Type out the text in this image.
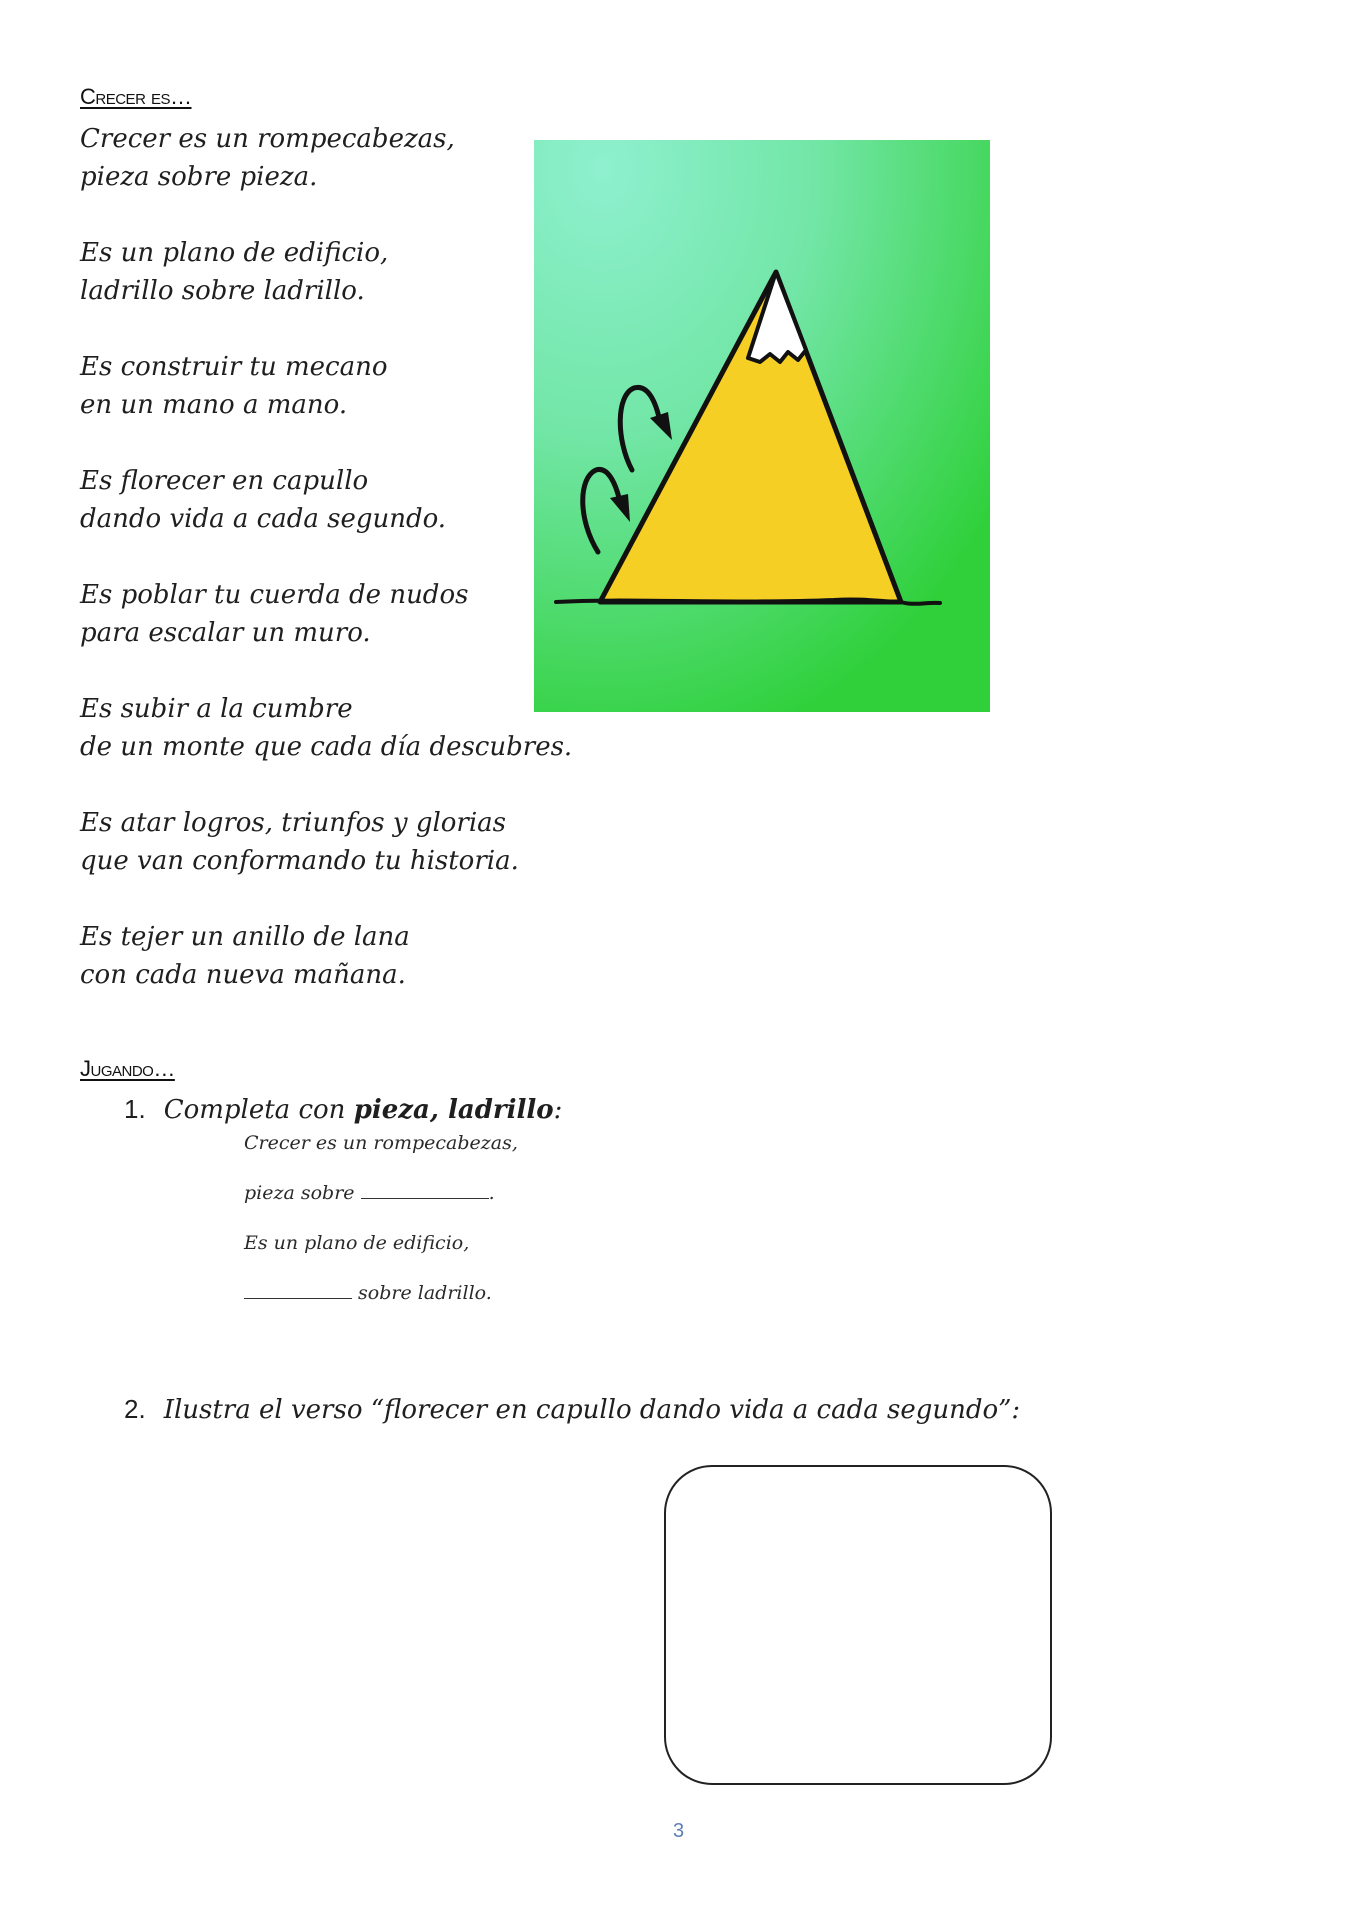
Crecer es…
Crecer es un rompecabezas,
pieza sobre pieza.
Es un plano de edificio,
ladrillo sobre ladrillo.
Es construir tu mecano
en un mano a mano.
Es florecer en capullo
dando vida a cada segundo.
Es poblar tu cuerda de nudos
para escalar un muro.
Es subir a la cumbre
de un monte que cada día descubres.
Es atar logros, triunfos y glorias
que van conformando tu historia.
Es tejer un anillo de lana
con cada nueva mañana.
Jugando…
1. Completa con pieza, ladrillo:
Crecer es un rompecabezas,
pieza sobre	.
Es un plano de edificio,
sobre ladrillo.
2. Ilustra el verso “florecer en capullo dando vida a cada segundo”:
3
